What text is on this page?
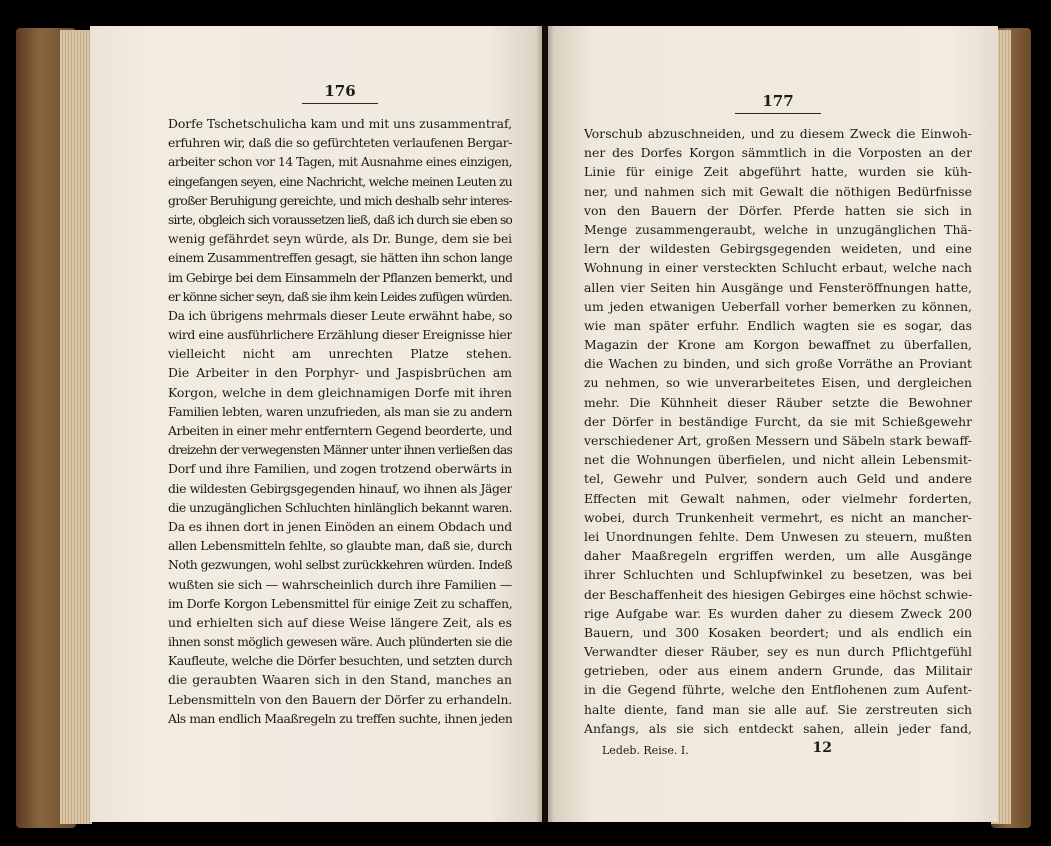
176
Dorfe Tschetschulicha kam und mit uns zusammentraf,
erfuhren wir, daß die so gefürchteten verlaufenen Bergar-
arbeiter schon vor 14 Tagen, mit Ausnahme eines einzigen,
eingefangen seyen, eine Nachricht, welche meinen Leuten zu
großer Beruhigung gereichte, und mich deshalb sehr interes-
sirte, obgleich sich voraussetzen ließ, daß ich durch sie eben so
wenig gefährdet seyn würde, als Dr. Bunge, dem sie bei
einem Zusammentreffen gesagt, sie hätten ihn schon lange
im Gebirge bei dem Einsammeln der Pflanzen bemerkt, und
er könne sicher seyn, daß sie ihm kein Leides zufügen würden.
Da ich übrigens mehrmals dieser Leute erwähnt habe, so
wird eine ausführlichere Erzählung dieser Ereignisse hier
vielleicht nicht am unrechten Platze stehen.
Die Arbeiter in den Porphyr- und Jaspisbrüchen am
Korgon, welche in dem gleichnamigen Dorfe mit ihren
Familien lebten, waren unzufrieden, als man sie zu andern
Arbeiten in einer mehr entferntern Gegend beorderte, und
dreizehn der verwegensten Männer unter ihnen verließen das
Dorf und ihre Familien, und zogen trotzend oberwärts in
die wildesten Gebirgsgegenden hinauf, wo ihnen als Jäger
die unzugänglichen Schluchten hinlänglich bekannt waren.
Da es ihnen dort in jenen Einöden an einem Obdach und
allen Lebensmitteln fehlte, so glaubte man, daß sie, durch
Noth gezwungen, wohl selbst zurückkehren würden. Indeß
wußten sie sich — wahrscheinlich durch ihre Familien —
im Dorfe Korgon Lebensmittel für einige Zeit zu schaffen,
und erhielten sich auf diese Weise längere Zeit, als es
ihnen sonst möglich gewesen wäre. Auch plünderten sie die
Kaufleute, welche die Dörfer besuchten, und setzten durch
die geraubten Waaren sich in den Stand, manches an
Lebensmitteln von den Bauern der Dörfer zu erhandeln.
Als man endlich Maaßregeln zu treffen suchte, ihnen jeden
177
Vorschub abzuschneiden, und zu diesem Zweck die Einwoh-
ner des Dorfes Korgon sämmtlich in die Vorposten an der
Linie für einige Zeit abgeführt hatte, wurden sie küh-
ner, und nahmen sich mit Gewalt die nöthigen Bedürfnisse
von den Bauern der Dörfer. Pferde hatten sie sich in
Menge zusammengeraubt, welche in unzugänglichen Thä-
lern der wildesten Gebirgsgegenden weideten, und eine
Wohnung in einer versteckten Schlucht erbaut, welche nach
allen vier Seiten hin Ausgänge und Fensteröffnungen hatte,
um jeden etwanigen Ueberfall vorher bemerken zu können,
wie man später erfuhr. Endlich wagten sie es sogar, das
Magazin der Krone am Korgon bewaffnet zu überfallen,
die Wachen zu binden, und sich große Vorräthe an Proviant
zu nehmen, so wie unverarbeitetes Eisen, und dergleichen
mehr. Die Kühnheit dieser Räuber setzte die Bewohner
der Dörfer in beständige Furcht, da sie mit Schießgewehr
verschiedener Art, großen Messern und Säbeln stark bewaff-
net die Wohnungen überfielen, und nicht allein Lebensmit-
tel, Gewehr und Pulver, sondern auch Geld und andere
Effecten mit Gewalt nahmen, oder vielmehr forderten,
wobei, durch Trunkenheit vermehrt, es nicht an mancher-
lei Unordnungen fehlte. Dem Unwesen zu steuern, mußten
daher Maaßregeln ergriffen werden, um alle Ausgänge
ihrer Schluchten und Schlupfwinkel zu besetzen, was bei
der Beschaffenheit des hiesigen Gebirges eine höchst schwie-
rige Aufgabe war. Es wurden daher zu diesem Zweck 200
Bauern, und 300 Kosaken beordert; und als endlich ein
Verwandter dieser Räuber, sey es nun durch Pflichtgefühl
getrieben, oder aus einem andern Grunde, das Militair
in die Gegend führte, welche den Entflohenen zum Aufent-
halte diente, fand man sie alle auf. Sie zerstreuten sich
Anfangs, als sie sich entdeckt sahen, allein jeder fand,
Ledeb. Reise. I.	12
